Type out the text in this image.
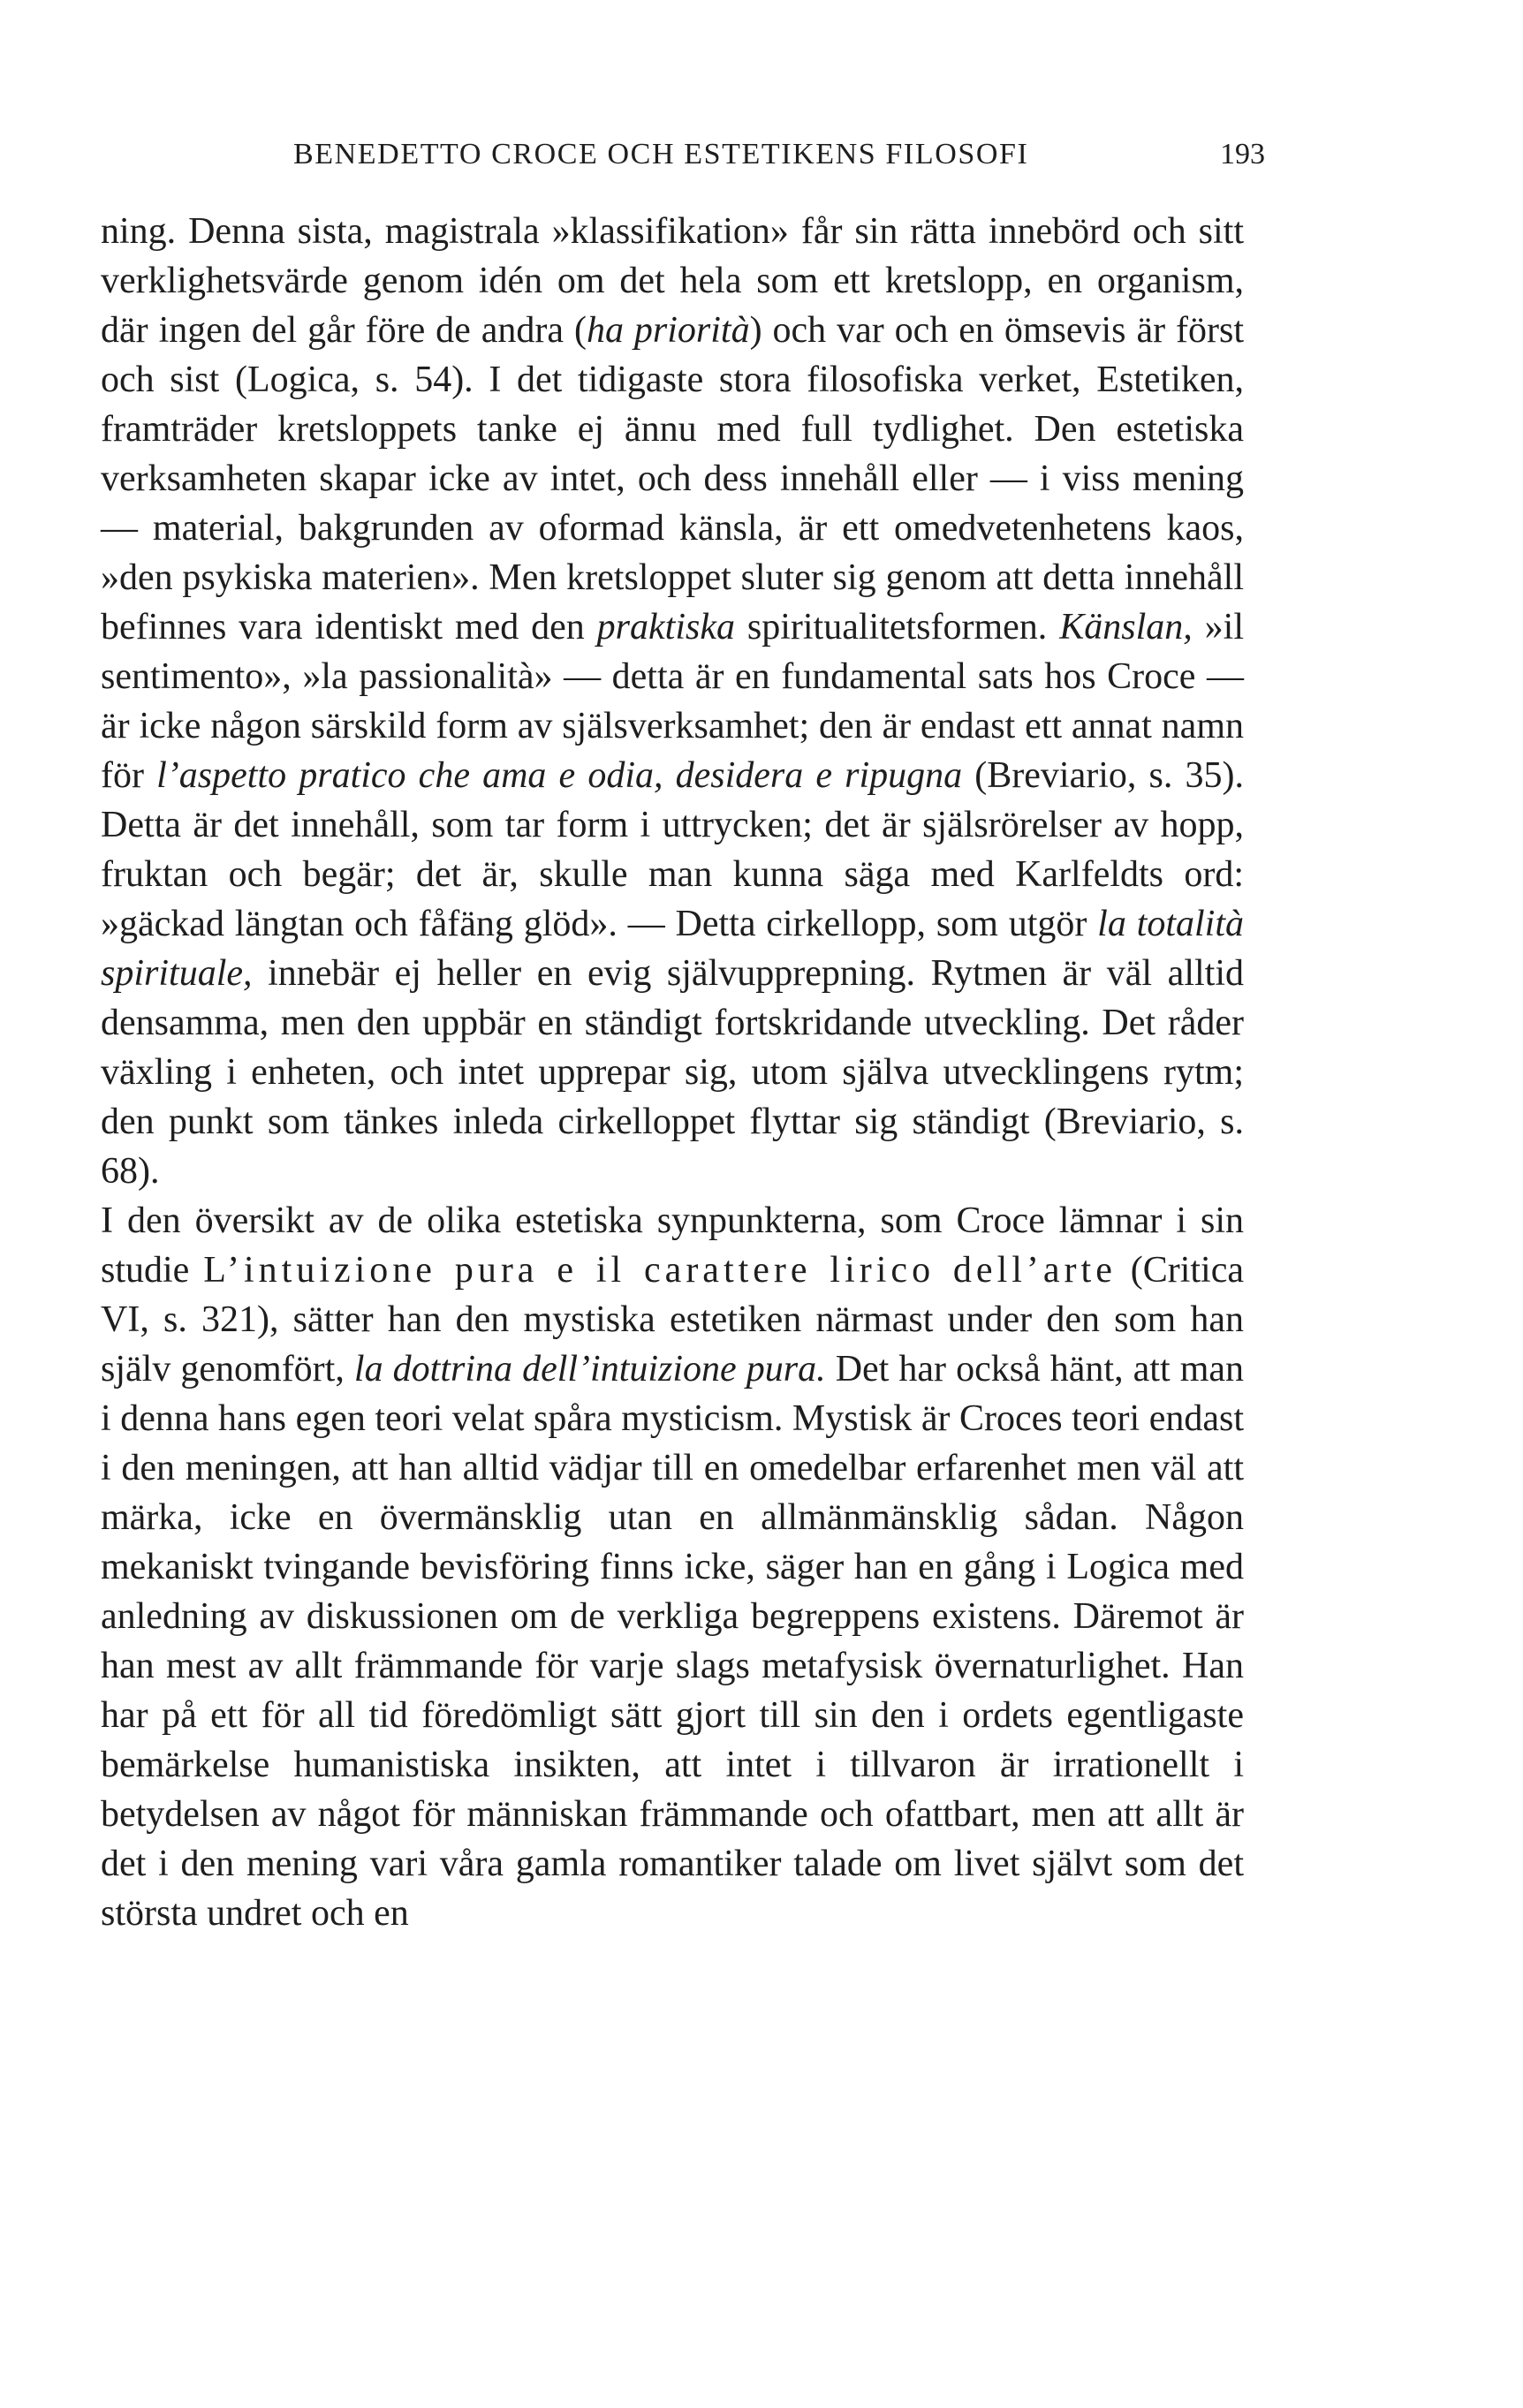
BENEDETTO CROCE OCH ESTETIKENS FILOSOFI	193

ning. Denna sista, magistrala »klassifikation» får sin rätta innebörd och sitt verklighetsvärde genom idén om det hela som ett kretslopp, en organism, där ingen del går före de andra (ha priorità) och var och en ömsevis är först och sist (Logica, s. 54). I det tidigaste stora filosofiska verket, Estetiken, framträder kretsloppets tanke ej ännu med full tydlighet. Den estetiska verksamheten skapar icke av intet, och dess innehåll eller — i viss mening — material, bakgrunden av oformad känsla, är ett omedvetenhetens kaos, »den psykiska materien». Men kretsloppet sluter sig genom att detta innehåll befinnes vara identiskt med den praktiska spiritualitetsformen. Känslan, »il sentimento», »la passionalità» — detta är en fundamental sats hos Croce — är icke någon särskild form av själsverksamhet; den är endast ett annat namn för l’aspetto pratico che ama e odia, desidera e ripugna (Breviario, s. 35). Detta är det innehåll, som tar form i uttrycken; det är själsrörelser av hopp, fruktan och begär; det är, skulle man kunna säga med Karlfeldts ord: »gäckad längtan och fåfäng glöd». — Detta cirkellopp, som utgör la totalità spirituale, innebär ej heller en evig självupprepning. Rytmen är väl alltid densamma, men den uppbär en ständigt fortskridande utveckling. Det råder växling i enheten, och intet upprepar sig, utom själva utvecklingens rytm; den punkt som tänkes inleda cirkelloppet flyttar sig ständigt (Breviario, s. 68).

I den översikt av de olika estetiska synpunkterna, som Croce lämnar i sin studie L’intuizione pura e il carattere lirico dell’arte (Critica VI, s. 321), sätter han den mystiska estetiken närmast under den som han själv genomfört, la dottrina dell’intuizione pura. Det har också hänt, att man i denna hans egen teori velat spåra mysticism. Mystisk är Croces teori endast i den meningen, att han alltid vädjar till en omedelbar erfarenhet men väl att märka, icke en övermänsklig utan en allmänmänsklig sådan. Någon mekaniskt tvingande bevisföring finns icke, säger han en gång i Logica med anledning av diskussionen om de verkliga begreppens existens. Däremot är han mest av allt främmande för varje slags metafysisk övernaturlighet. Han har på ett för all tid föredömligt sätt gjort till sin den i ordets egentligaste bemärkelse humanistiska insikten, att intet i tillvaron är irrationellt i betydelsen av något för människan främmande och ofattbart, men att allt är det i den mening vari våra gamla romantiker talade om livet självt som det största undret och en
